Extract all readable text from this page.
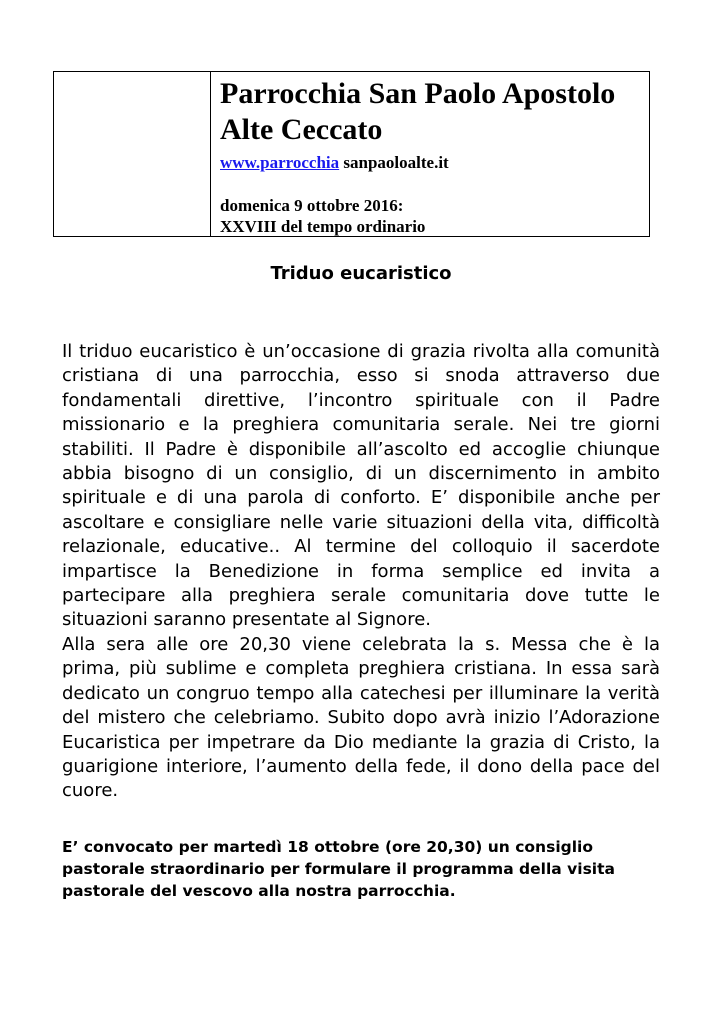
Parrocchia San Paolo Apostolo
Alte Ceccato
www.parrocchia sanpaoloalte.it
domenica 9 ottobre 2016:
XXVIII del tempo ordinario
Triduo eucaristico

Il triduo eucaristico è un’occasione di grazia rivolta alla comunità cristiana di una parrocchia, esso si snoda attraverso due fondamentali direttive, l’incontro spirituale con il Padre missionario e la preghiera comunitaria serale. Nei tre giorni stabiliti. Il Padre è disponibile all’ascolto ed accoglie chiunque abbia bisogno di un consiglio, di un discernimento in ambito spirituale e di una parola di conforto. E’ disponibile anche per ascoltare e consigliare nelle varie situazioni della vita, difficoltà relazionale, educative.. Al termine del colloquio il sacerdote impartisce la Benedizione in forma semplice ed invita a partecipare alla preghiera serale comunitaria dove tutte le situazioni saranno presentate al Signore.

Alla sera alle ore 20,30 viene celebrata la s. Messa che è la prima, più sublime e completa preghiera cristiana. In essa sarà dedicato un congruo tempo alla catechesi per illuminare la verità del mistero che celebriamo. Subito dopo avrà inizio l’Adorazione Eucaristica per impetrare da Dio mediante la grazia di Cristo, la guarigione interiore, l’aumento della fede, il dono della pace del cuore.

E’ convocato per martedì 18 ottobre (ore 20,30) un consiglio pastorale straordinario per formulare il programma della visita pastorale del vescovo alla nostra parrocchia.
